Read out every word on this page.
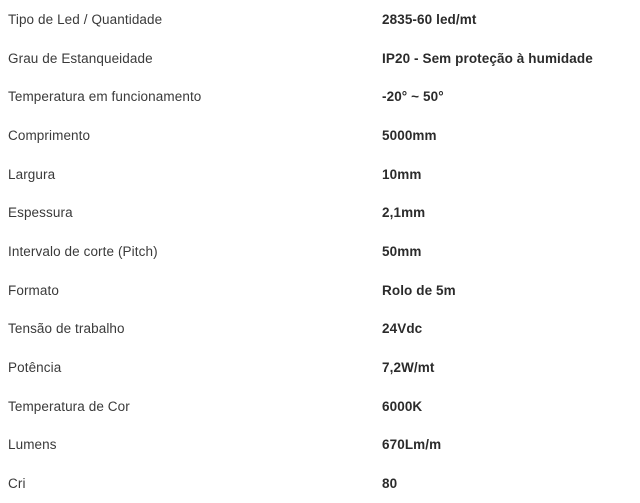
Tipo de Led / Quantidade	2835-60 led/mt
Grau de Estanqueidade	IP20 - Sem proteção à humidade
Temperatura em funcionamento	-20° ~ 50°
Comprimento	5000mm
Largura	10mm
Espessura	2,1mm
Intervalo de corte (Pitch)	50mm
Formato	Rolo de 5m
Tensão de trabalho	24Vdc
Potência	7,2W/mt
Temperatura de Cor	6000K
Lumens	670Lm/m
Cri	80
